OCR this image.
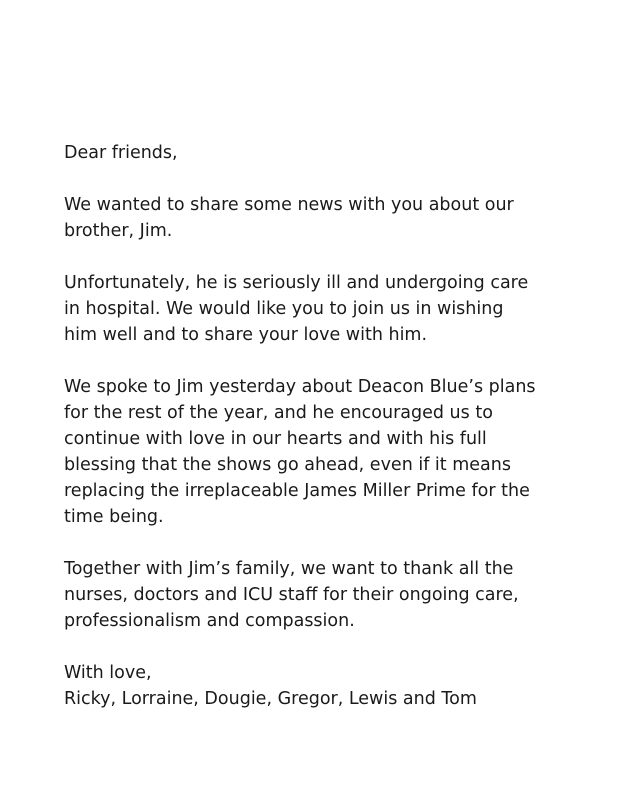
Dear friends,
We wanted to share some news with you about our
brother, Jim.
Unfortunately, he is seriously ill and undergoing care
in hospital. We would like you to join us in wishing
him well and to share your love with him.
We spoke to Jim yesterday about Deacon Blue’s plans
for the rest of the year, and he encouraged us to
continue with love in our hearts and with his full
blessing that the shows go ahead, even if it means
replacing the irreplaceable James Miller Prime for the
time being.
Together with Jim’s family, we want to thank all the
nurses, doctors and ICU staff for their ongoing care,
professionalism and compassion.
With love,
Ricky, Lorraine, Dougie, Gregor, Lewis and Tom
